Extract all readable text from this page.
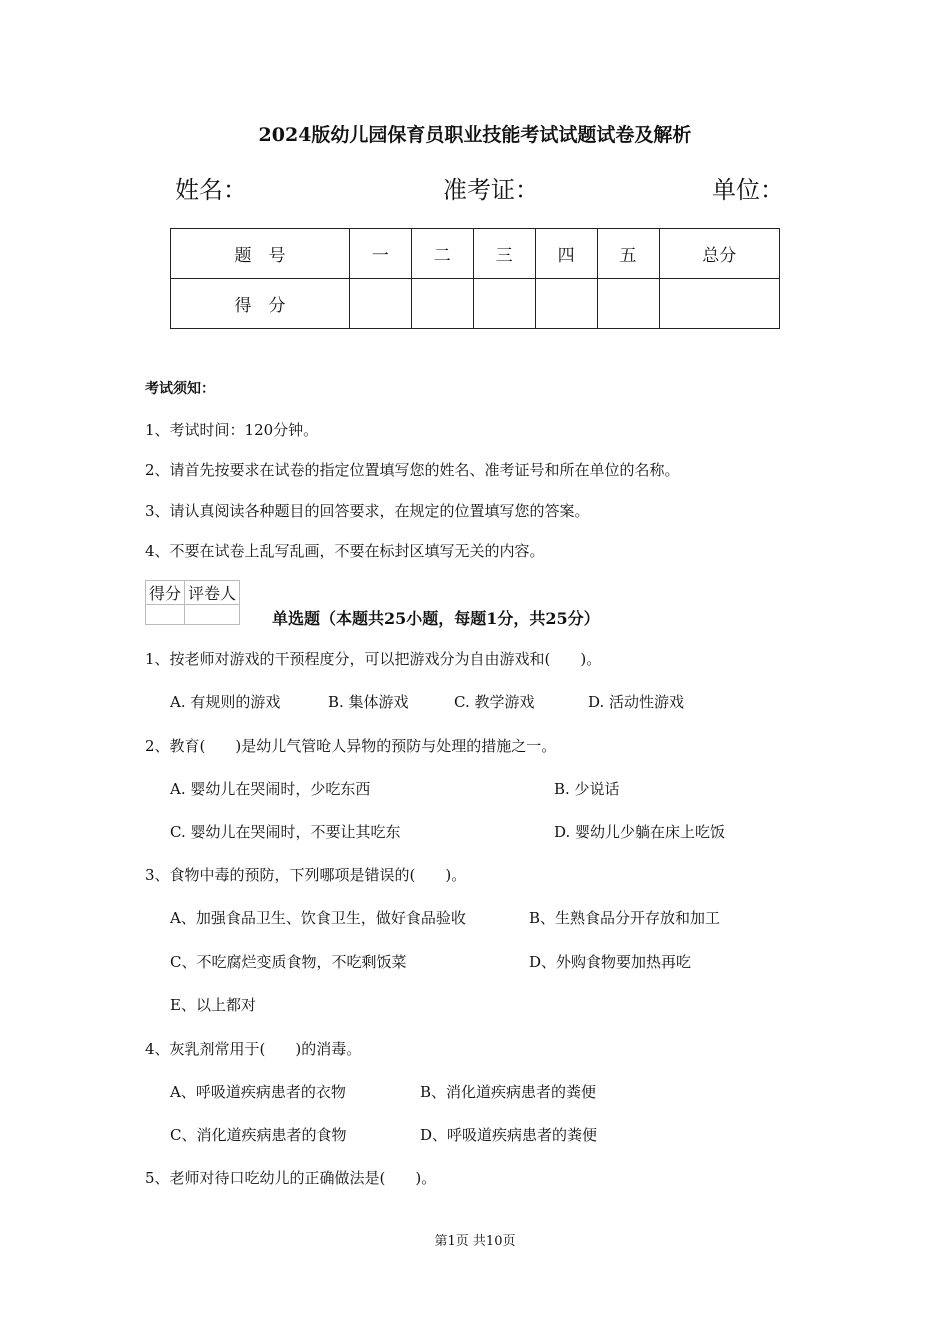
2024版幼儿园保育员职业技能考试试题试卷及解析
姓名：	准考证：	单位：
题　号	一	二	三	四	五	总分
得　分						
考试须知：
1、考试时间：120分钟。
2、请首先按要求在试卷的指定位置填写您的姓名、准考证号和所在单位的名称。
3、请认真阅读各种题目的回答要求，在规定的位置填写您的答案。
4、不要在试卷上乱写乱画，不要在标封区填写无关的内容。
得分	评卷人

单选题（本题共25小题，每题1分，共25分）
1、按老师对游戏的干预程度分，可以把游戏分为自由游戏和(　　)。
A. 有规则的游戏	B. 集体游戏	C. 教学游戏	D. 活动性游戏
2、教育(　　)是幼儿气管呛人异物的预防与处理的措施之一。
A. 婴幼儿在哭闹时，少吃东西	B. 少说话
C. 婴幼儿在哭闹时，不要让其吃东	D. 婴幼儿少躺在床上吃饭
3、食物中毒的预防，下列哪项是错误的(　　)。
A、加强食品卫生、饮食卫生，做好食品验收	B、生熟食品分开存放和加工
C、不吃腐烂变质食物，不吃剩饭菜	D、外购食物要加热再吃
E、以上都对
4、灰乳剂常用于(　　)的消毒。
A、呼吸道疾病患者的衣物	B、消化道疾病患者的粪便
C、消化道疾病患者的食物	D、呼吸道疾病患者的粪便
5、老师对待口吃幼儿的正确做法是(　　)。
第1页 共10页
